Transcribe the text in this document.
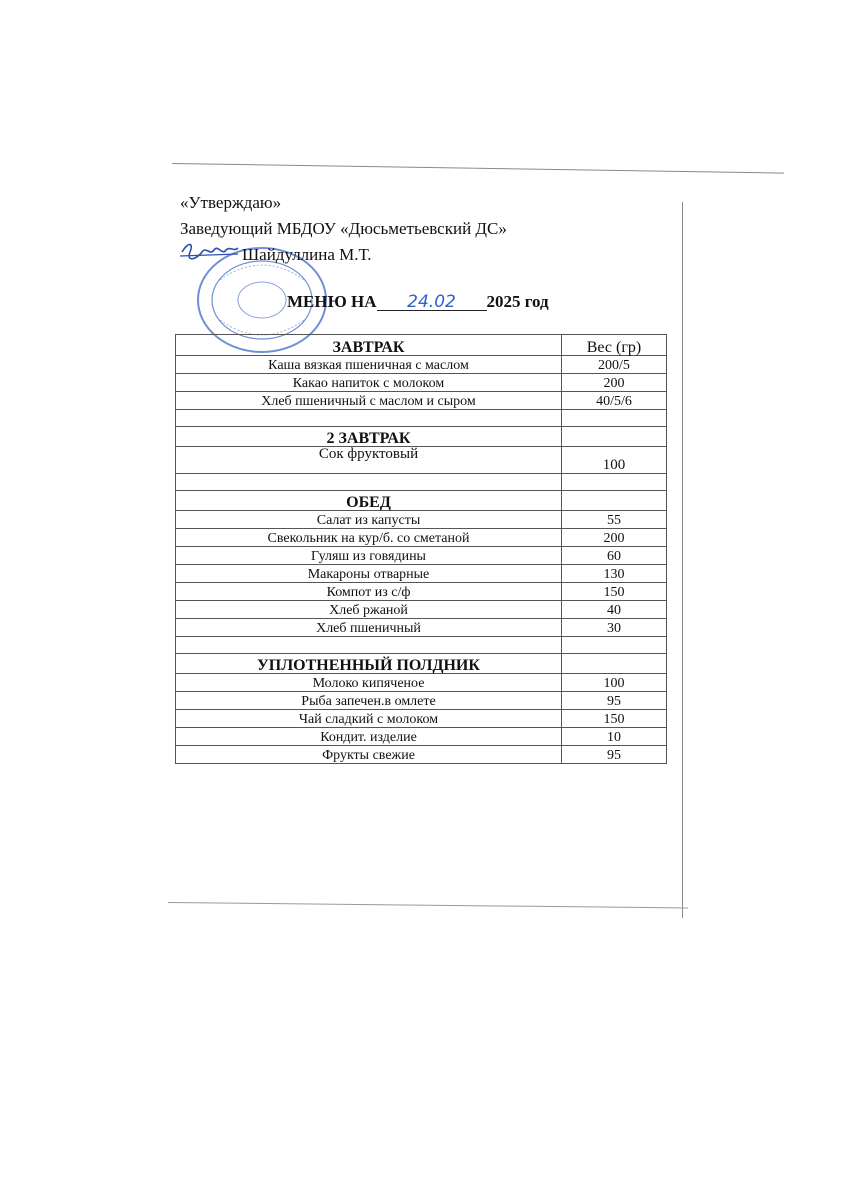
«Утверждаю»
Заведующий МБДОУ «Дюсьметьевский ДС»
Шайдуллина М.Т.
МЕНЮ НА 24.02 2025 год
ЗАВТРАК	Вес (гр)
Каша вязкая пшеничная с маслом	200/5
Какао напиток с молоком	200
Хлеб пшеничный с маслом и сыром	40/5/6

2 ЗАВТРАК	
Сок фруктовый	100

ОБЕД	
Салат из капусты	55
Свекольник на кур/б. со сметаной	200
Гуляш из говядины	60
Макароны отварные	130
Компот из с/ф	150
Хлеб ржаной	40
Хлеб пшеничный	30

УПЛОТНЕННЫЙ ПОЛДНИК	
Молоко кипяченое	100
Рыба запечен.в омлете	95
Чай сладкий с молоком	150
Кондит. изделие	10
Фрукты свежие	95
